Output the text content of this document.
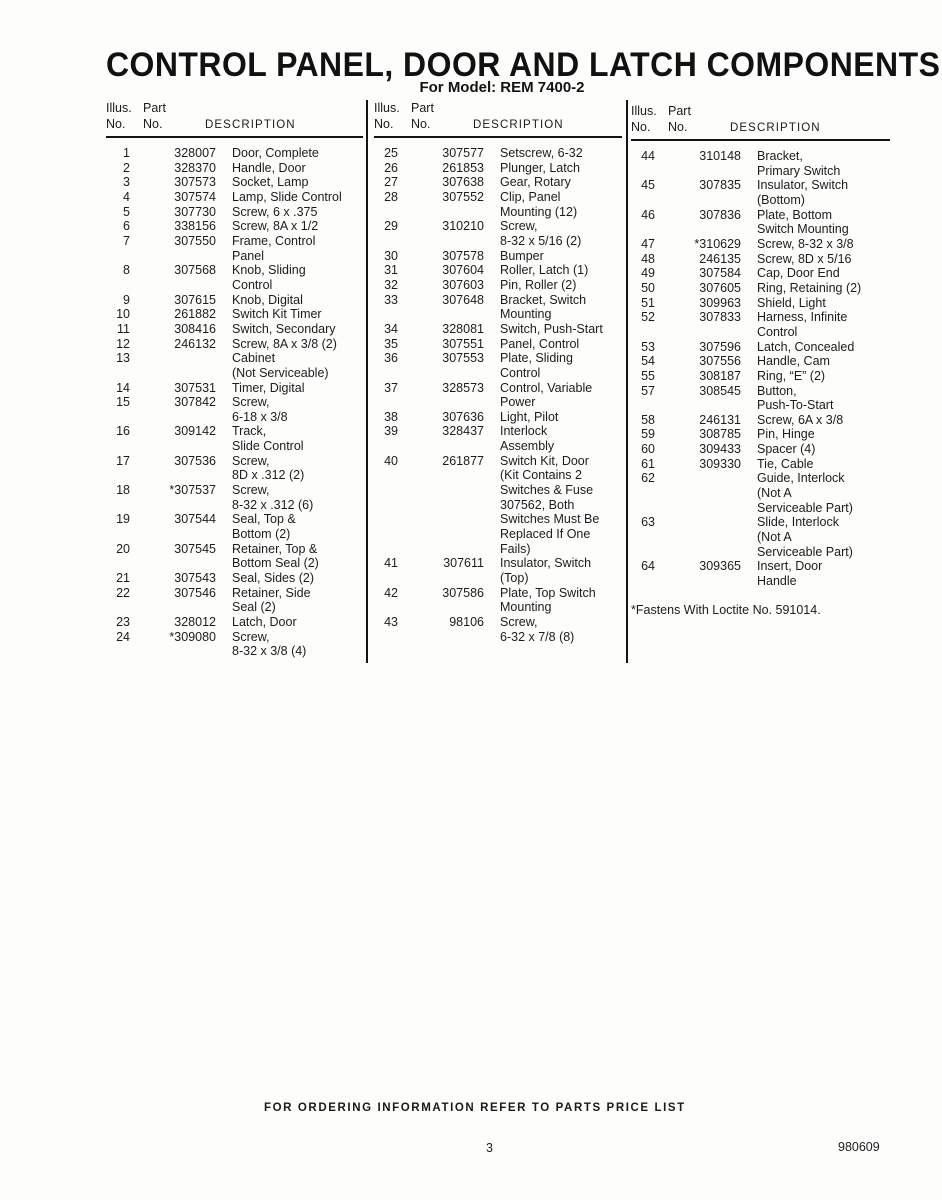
CONTROL PANEL, DOOR AND LATCH COMPONENTS
For Model: REM 7400-2
Illus. Part
No.	No.	DESCRIPTION
1	328007 Door, Complete
2	328370 Handle, Door
3	307573 Socket, Lamp
4	307574 Lamp, Slide Control
5	307730 Screw, 6 x .375
6	338156 Screw, 8A x 1/2
7	307550 Frame, Control
Panel
8	307568 Knob, Sliding
Control
9	307615 Knob, Digital
10	261882 Switch Kit Timer
11	308416 Switch, Secondary
12	246132 Screw, 8A x 3/8 (2)
13	Cabinet
(Not Serviceable)
14	307531 Timer, Digital
15	307842 Screw,
6-18 x 3/8
16	309142 Track,
Slide Control
17	307536 Screw,
8D x .312 (2)
18	*307537 Screw,
8-32 x .312 (6)
19	307544 Seal, Top &
Bottom (2)
20	307545 Retainer, Top &
Bottom Seal (2)
21	307543 Seal, Sides (2)
22	307546 Retainer, Side
Seal (2)
23	328012 Latch, Door
24	*309080 Screw,
8-32 x 3/8 (4)
Illus. Part
No.	No.	DESCRIPTION
25	307577 Setscrew, 6-32
26	261853 Plunger, Latch
27	307638 Gear, Rotary
28	307552 Clip, Panel
Mounting (12)
29	310210 Screw,
8-32 x 5/16 (2)
30	307578 Bumper
31	307604 Roller, Latch (1)
32	307603 Pin, Roller (2)
33	307648 Bracket, Switch
Mounting
34	328081 Switch, Push-Start
35	307551 Panel, Control
36	307553 Plate, Sliding
Control
37	328573 Control, Variable
Power
38	307636 Light, Pilot
39	328437 Interlock
Assembly
40	261877 Switch Kit, Door
(Kit Contains 2
Switches & Fuse
307562, Both
Switches Must Be
Replaced If One
Fails)
41	307611 Insulator, Switch
(Top)
42	307586 Plate, Top Switch
Mounting
43	98106 Screw,
6-32 x 7/8 (8)
Illus. Part
No.	No.	DESCRIPTION
44	310148 Bracket,
Primary Switch
45	307835 Insulator, Switch
(Bottom)
46	307836 Plate, Bottom
Switch Mounting
47	*310629 Screw, 8-32 x 3/8
48	246135 Screw, 8D x 5/16
49	307584 Cap, Door End
50	307605 Ring, Retaining (2)
51	309963 Shield, Light
52	307833 Harness, Infinite
Control
53	307596 Latch, Concealed
54	307556 Handle, Cam
55	308187 Ring, “E” (2)
57	308545 Button,
Push-To-Start
58	246131 Screw, 6A x 3/8
59	308785 Pin, Hinge
60	309433 Spacer (4)
61	309330 Tie, Cable
62	Guide, Interlock
(Not A
Serviceable Part)
63	Slide, Interlock
(Not A
Serviceable Part)
64	309365 Insert, Door
Handle
*Fastens With Loctite No. 591014.
FOR ORDERING INFORMATION REFER TO PARTS PRICE LIST
3	980609
